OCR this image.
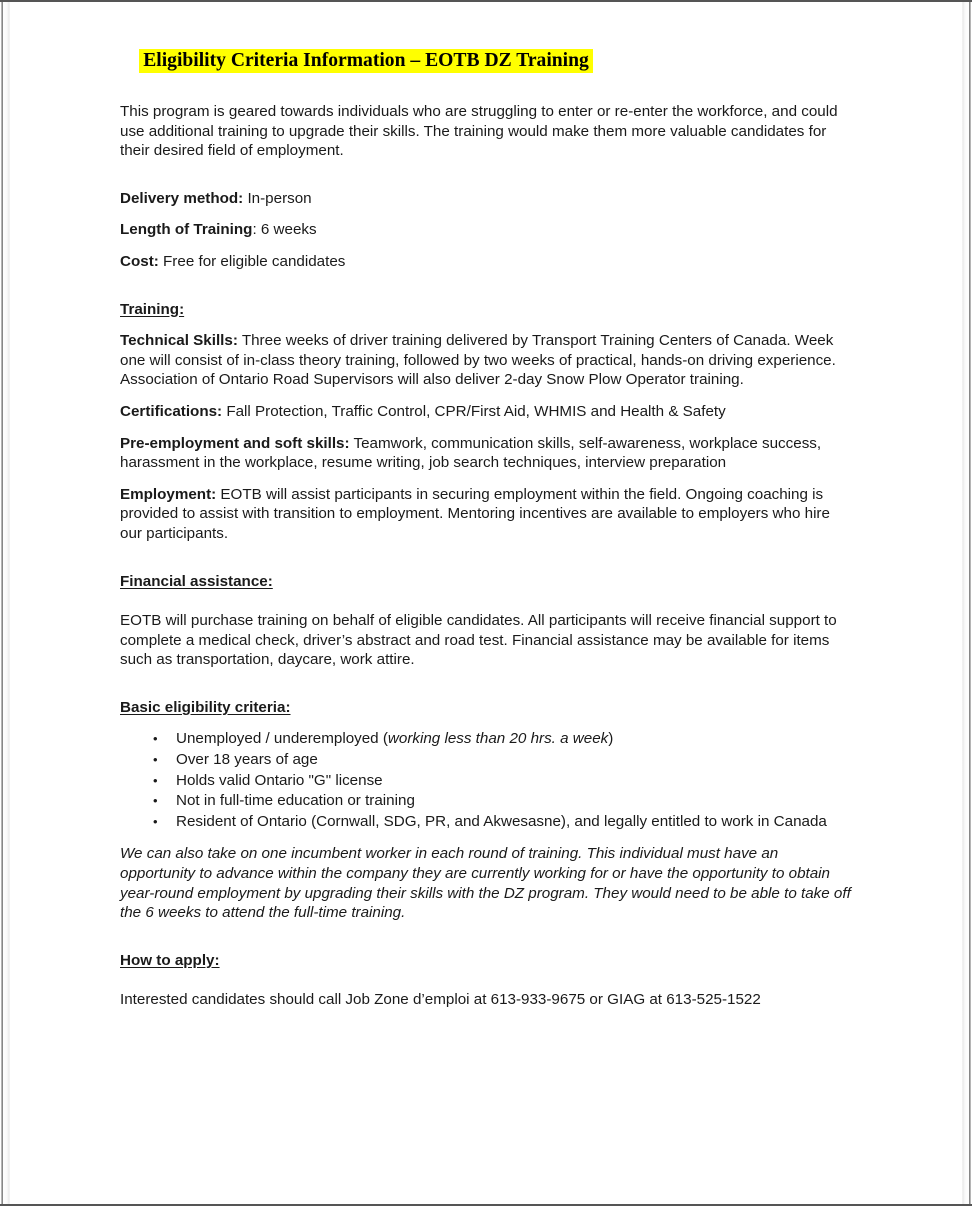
Eligibility Criteria Information – EOTB DZ Training

This program is geared towards individuals who are struggling to enter or re-enter the workforce, and could use additional training to upgrade their skills. The training would make them more valuable candidates for their desired field of employment.

Delivery method: In-person

Length of Training: 6 weeks

Cost: Free for eligible candidates

Training:

Technical Skills: Three weeks of driver training delivered by Transport Training Centers of Canada. Week one will consist of in-class theory training, followed by two weeks of practical, hands-on driving experience. Association of Ontario Road Supervisors will also deliver 2-day Snow Plow Operator training.

Certifications: Fall Protection, Traffic Control, CPR/First Aid, WHMIS and Health & Safety

Pre-employment and soft skills: Teamwork, communication skills, self-awareness, workplace success, harassment in the workplace, resume writing, job search techniques, interview preparation

Employment: EOTB will assist participants in securing employment within the field. Ongoing coaching is provided to assist with transition to employment. Mentoring incentives are available to employers who hire our participants.

Financial assistance:

EOTB will purchase training on behalf of eligible candidates. All participants will receive financial support to complete a medical check, driver’s abstract and road test. Financial assistance may be available for items such as transportation, daycare, work attire.

Basic eligibility criteria:

• Unemployed / underemployed (working less than 20 hrs. a week)
• Over 18 years of age
• Holds valid Ontario "G" license
• Not in full-time education or training
• Resident of Ontario (Cornwall, SDG, PR, and Akwesasne), and legally entitled to work in Canada

We can also take on one incumbent worker in each round of training. This individual must have an opportunity to advance within the company they are currently working for or have the opportunity to obtain year-round employment by upgrading their skills with the DZ program. They would need to be able to take off the 6 weeks to attend the full-time training.

How to apply:

Interested candidates should call Job Zone d’emploi at 613-933-9675 or GIAG at 613-525-1522
